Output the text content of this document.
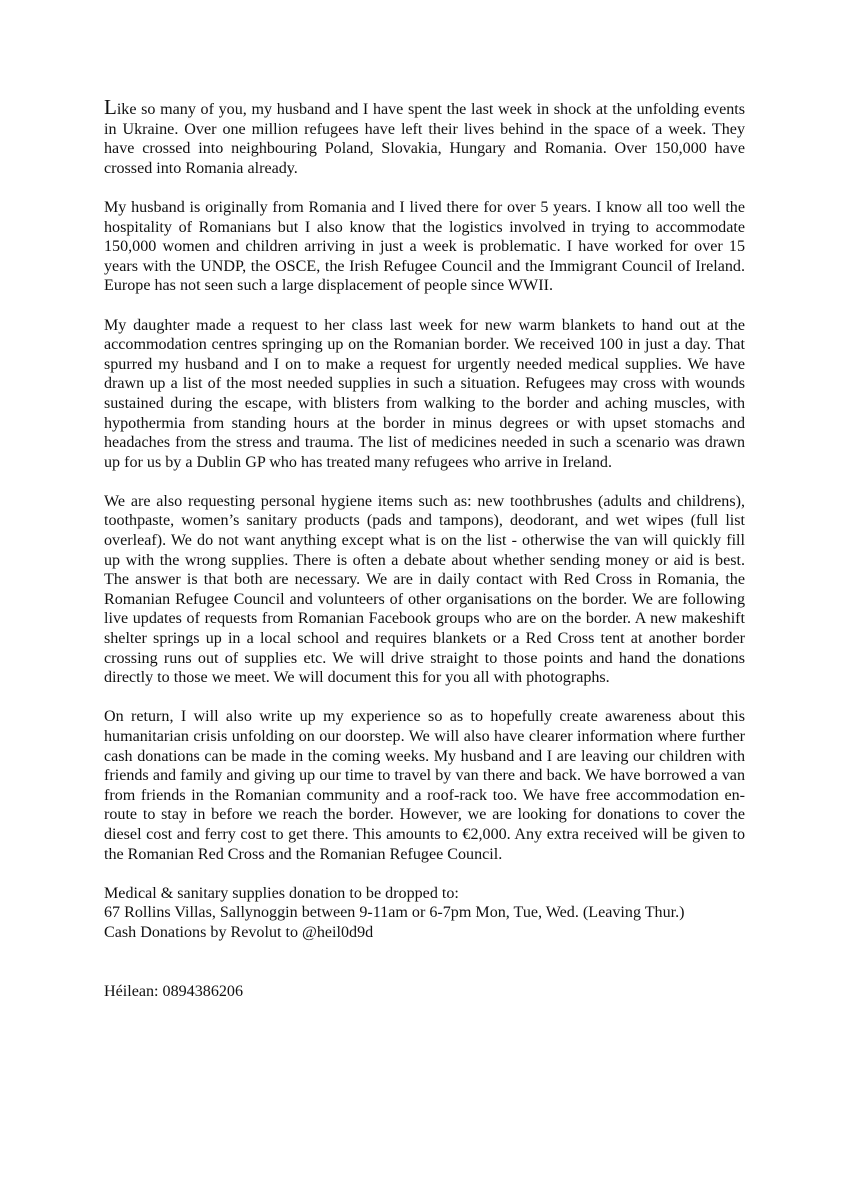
Like so many of you, my husband and I have spent the last week in shock at the unfolding events in Ukraine. Over one million refugees have left their lives behind in the space of a week. They have crossed into neighbouring Poland, Slovakia, Hungary and Romania. Over 150,000 have crossed into Romania already.

My husband is originally from Romania and I lived there for over 5 years. I know all too well the hospitality of Romanians but I also know that the logistics involved in trying to accommodate 150,000 women and children arriving in just a week is problematic. I have worked for over 15 years with the UNDP, the OSCE, the Irish Refugee Council and the Immigrant Council of Ireland. Europe has not seen such a large displacement of people since WWII.

My daughter made a request to her class last week for new warm blankets to hand out at the accommodation centres springing up on the Romanian border. We received 100 in just a day. That spurred my husband and I on to make a request for urgently needed medical supplies. We have drawn up a list of the most needed supplies in such a situation. Refugees may cross with wounds sustained during the escape, with blisters from walking to the border and aching muscles, with hypothermia from standing hours at the border in minus degrees or with upset stomachs and headaches from the stress and trauma. The list of medicines needed in such a scenario was drawn up for us by a Dublin GP who has treated many refugees who arrive in Ireland.

We are also requesting personal hygiene items such as: new toothbrushes (adults and childrens), toothpaste, women’s sanitary products (pads and tampons), deodorant, and wet wipes (full list overleaf). We do not want anything except what is on the list - otherwise the van will quickly fill up with the wrong supplies. There is often a debate about whether sending money or aid is best. The answer is that both are necessary. We are in daily contact with Red Cross in Romania, the Romanian Refugee Council and volunteers of other organisations on the border. We are following live updates of requests from Romanian Facebook groups who are on the border. A new makeshift shelter springs up in a local school and requires blankets or a Red Cross tent at another border crossing runs out of supplies etc. We will drive straight to those points and hand the donations directly to those we meet. We will document this for you all with photographs.

On return, I will also write up my experience so as to hopefully create awareness about this humanitarian crisis unfolding on our doorstep. We will also have clearer information where further cash donations can be made in the coming weeks. My husband and I are leaving our children with friends and family and giving up our time to travel by van there and back. We have borrowed a van from friends in the Romanian community and a roof-rack too. We have free accommodation en-route to stay in before we reach the border. However, we are looking for donations to cover the diesel cost and ferry cost to get there. This amounts to €2,000. Any extra received will be given to the Romanian Red Cross and the Romanian Refugee Council.

Medical & sanitary supplies donation to be dropped to:
67 Rollins Villas, Sallynoggin between 9-11am or 6-7pm Mon, Tue, Wed. (Leaving Thur.)
Cash Donations by Revolut to @heil0d9d
Héilean: 0894386206
